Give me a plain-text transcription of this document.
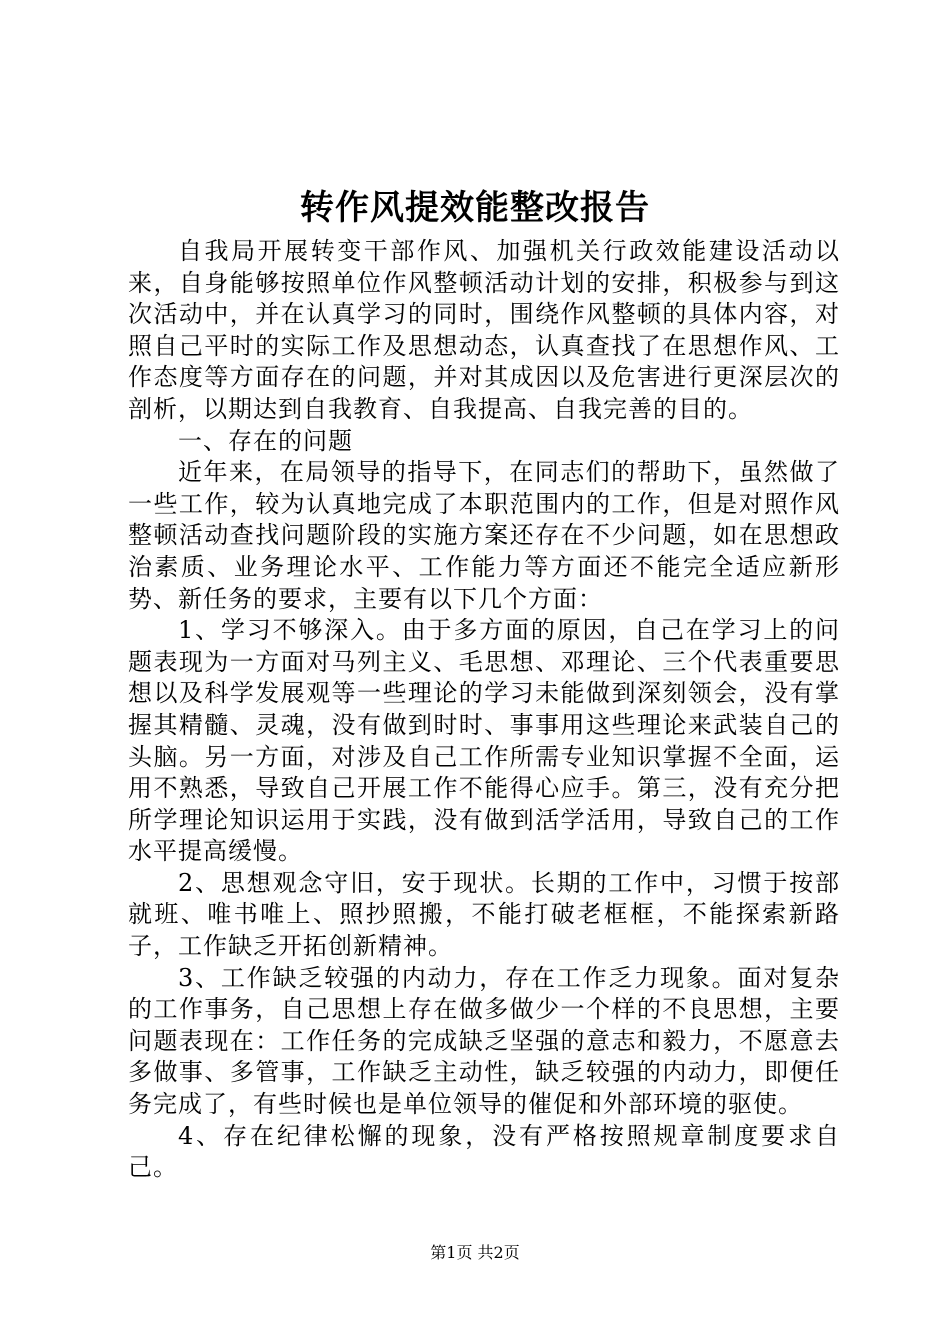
转作风提效能整改报告

自我局开展转变干部作风、加强机关行政效能建设活动以来，自身能够按照单位作风整顿活动计划的安排，积极参与到这次活动中，并在认真学习的同时，围绕作风整顿的具体内容，对照自己平时的实际工作及思想动态，认真查找了在思想作风、工作态度等方面存在的问题，并对其成因以及危害进行更深层次的剖析，以期达到自我教育、自我提高、自我完善的目的。

一、存在的问题

近年来，在局领导的指导下，在同志们的帮助下，虽然做了一些工作，较为认真地完成了本职范围内的工作，但是对照作风整顿活动查找问题阶段的实施方案还存在不少问题，如在思想政治素质、业务理论水平、工作能力等方面还不能完全适应新形势、新任务的要求，主要有以下几个方面：

1、学习不够深入。由于多方面的原因，自己在学习上的问题表现为一方面对马列主义、毛思想、邓理论、三个代表重要思想以及科学发展观等一些理论的学习未能做到深刻领会，没有掌握其精髓、灵魂，没有做到时时、事事用这些理论来武装自己的头脑。另一方面，对涉及自己工作所需专业知识掌握不全面，运用不熟悉，导致自己开展工作不能得心应手。第三，没有充分把所学理论知识运用于实践，没有做到活学活用，导致自己的工作水平提高缓慢。

2、思想观念守旧，安于现状。长期的工作中，习惯于按部就班、唯书唯上、照抄照搬，不能打破老框框，不能探索新路子，工作缺乏开拓创新精神。

3、工作缺乏较强的内动力，存在工作乏力现象。面对复杂的工作事务，自己思想上存在做多做少一个样的不良思想，主要问题表现在：工作任务的完成缺乏坚强的意志和毅力，不愿意去多做事、多管事，工作缺乏主动性，缺乏较强的内动力，即便任务完成了，有些时候也是单位领导的催促和外部环境的驱使。

4、存在纪律松懈的现象，没有严格按照规章制度要求自己。

第1页 共2页
